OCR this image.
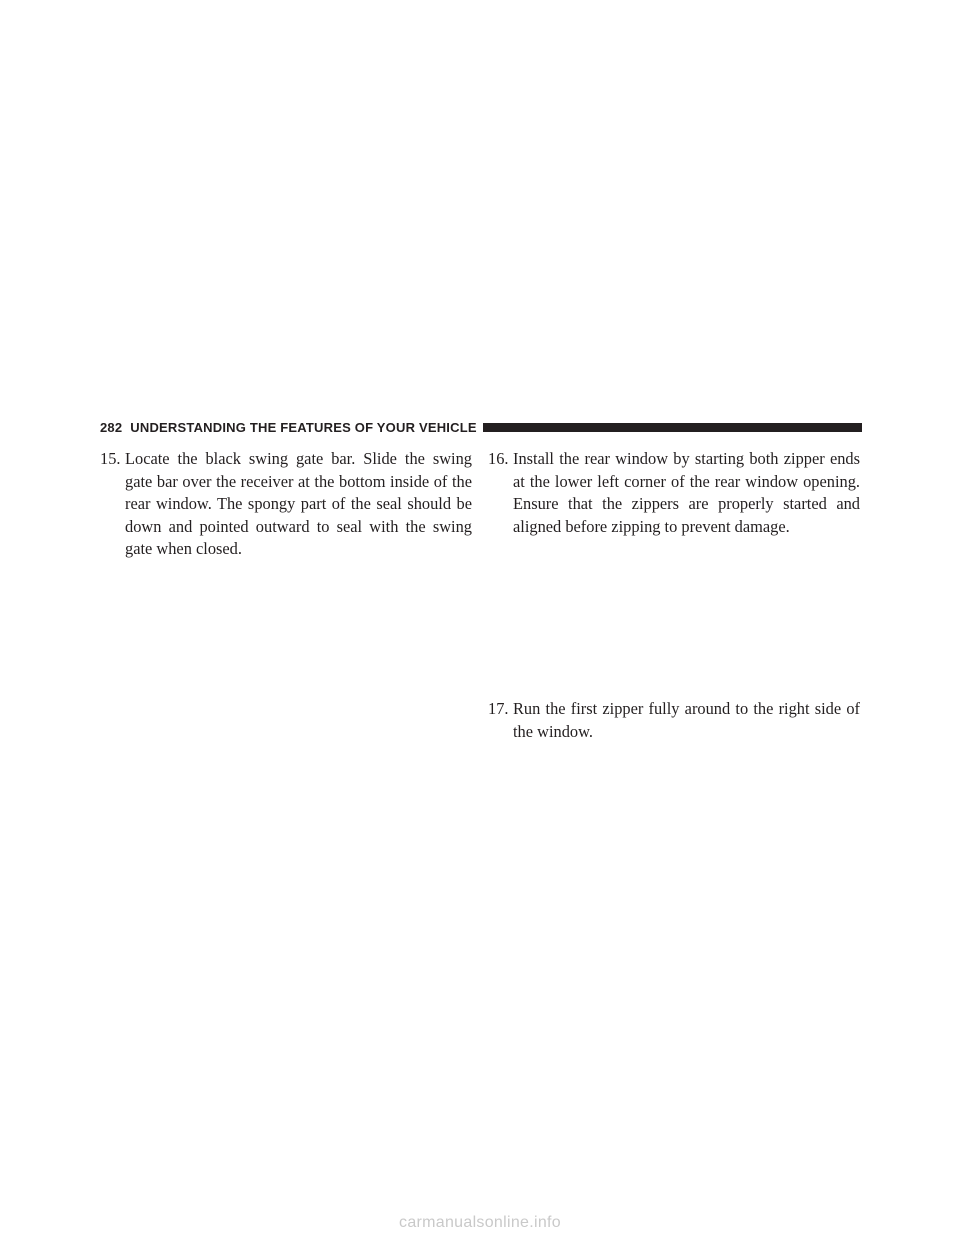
282 UNDERSTANDING THE FEATURES OF YOUR VEHICLE
15. Locate the black swing gate bar. Slide the swing gate bar over the receiver at the bottom inside of the rear window. The spongy part of the seal should be down and pointed outward to seal with the swing gate when closed.
16. Install the rear window by starting both zipper ends at the lower left corner of the rear window opening. Ensure that the zippers are properly started and aligned before zipping to prevent damage.
17. Run the first zipper fully around to the right side of the window.
carmanualsonline.info
